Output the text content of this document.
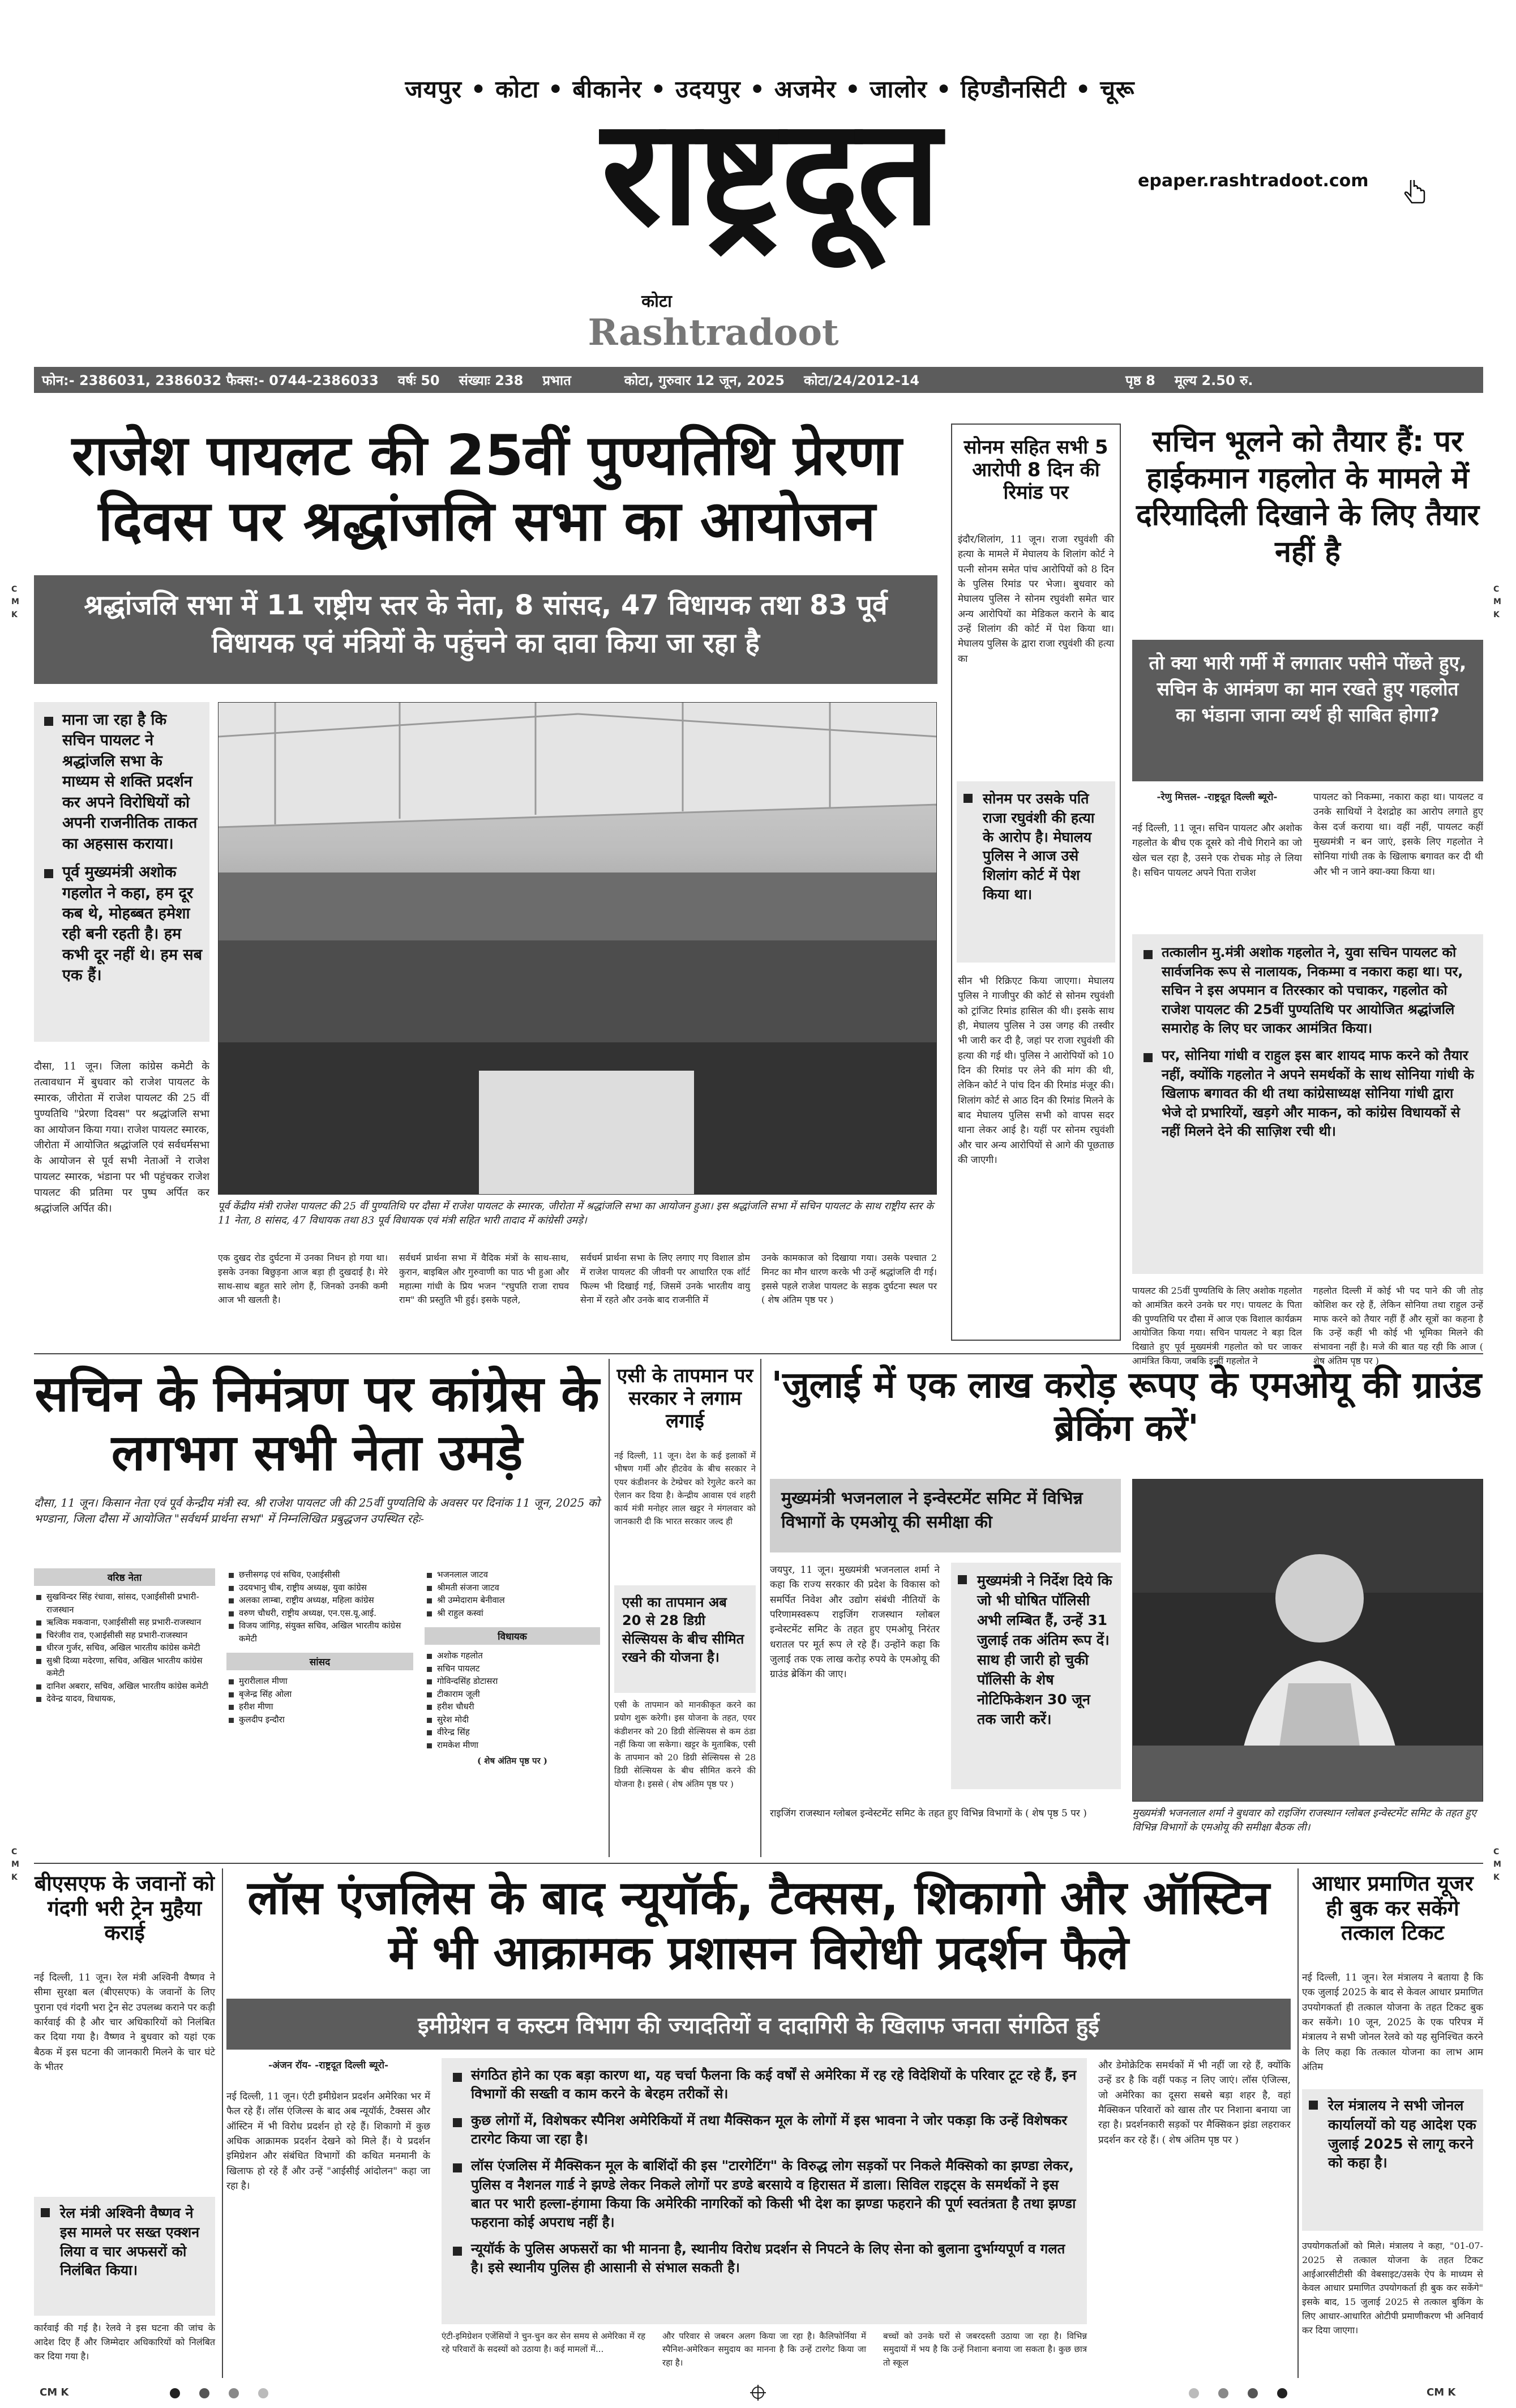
जयपुर • कोटा • बीकानेर • उदयपुर • अजमेर • जालोर • हिण्डौनसिटी • चूरू
राष्ट्रदूत
कोटा
Rashtradoot
epaper.rashtradoot.com
फोन:- 2386031, 2386032 फैक्स:- 0744-2386033 वर्षः 50 संख्याः 238 प्रभात	कोटा, गुरुवार 12 जून, 2025 कोटा/24/2012-14	पृष्ठ 8 मूल्य 2.50 रु.
C M K
C M K
C M K
C M K
राजेश पायलट की 25वीं पुण्यतिथि प्रेरणा दिवस पर श्रद्धांजलि सभा का आयोजन
श्रद्धांजलि सभा में 11 राष्ट्रीय स्तर के नेता, 8 सांसद, 47 विधायक तथा 83 पूर्व विधायक एवं मंत्रियों के पहुंचने का दावा किया जा रहा है
माना जा रहा है कि सचिन पायलट ने श्रद्धांजलि सभा के माध्यम से शक्ति प्रदर्शन कर अपने विरोधियों को अपनी राजनीतिक ताकत का अहसास कराया।
पूर्व मुख्यमंत्री अशोक गहलोत ने कहा, हम दूर कब थे, मोहब्बत हमेशा रही बनी रहती है। हम कभी दूर नहीं थे। हम सब एक हैं।
दौसा, 11 जून। जिला कांग्रेस कमेटी के तत्वावधान में बुधवार को राजेश पायलट के स्मारक, जीरोता में राजेश पायलट की 25 वीं पुण्यतिथि "प्रेरणा दिवस" पर श्रद्धांजलि सभा का आयोजन किया गया। राजेश पायलट स्मारक, जीरोता में आयोजित श्रद्धांजलि एवं सर्वधर्मसभा के आयोजन से पूर्व सभी नेताओं ने राजेश पायलट स्मारक, भंडाना पर भी पहुंचकर राजेश पायलट की प्रतिमा पर पुष्प अर्पित कर श्रद्धांजलि अर्पित की।	पूर्व केंद्रीय मंत्री राजेश पायलट की 25 वीं पुण्यतिथि पर दौसा में राजेश पायलट के स्मारक, जीरोता में श्रद्धांजलि सभा का आयोजन हुआ। इस श्रद्धांजलि सभा में सचिन पायलट के साथ राष्ट्रीय स्तर के 11 नेता, 8 सांसद, 47 विधायक तथा 83 पूर्व विधायक एवं मंत्री सहित भारी तादाद में कांग्रेसी उमड़े।
एक दुखद रोड दुर्घटना में उनका निधन हो गया था। इसके उनका बिछुड़ना आज बड़ा ही दुखदाई है। मेरे साथ-साथ बहुत सारे लोग हैं, जिनको उनकी कमी आज भी खलती है।
सर्वधर्म प्रार्थना सभा में वैदिक मंत्रों के साथ-साथ, कुरान, बाइबिल और गुरुवाणी का पाठ भी हुआ और महात्मा गांधी के प्रिय भजन "रघुपति राजा राघव राम" की प्रस्तुति भी हुई। इसके पहले,
सर्वधर्म प्रार्थना सभा के लिए लगाए गए विशाल डोम में राजेश पायलट की जीवनी पर आधारित एक शॉर्ट फिल्म भी दिखाई गई, जिसमें उनके भारतीय वायु सेना में रहते और उनके बाद राजनीति में
उनके कामकाज को दिखाया गया। उसके पश्चात 2 मिनट का मौन धारण करके भी उन्हें श्रद्धांजलि दी गई। इससे पहले राजेश पायलट के सड़क दुर्घटना स्थल पर ( शेष अंतिम पृष्ठ पर )
सोनम सहित सभी 5 आरोपी 8 दिन की रिमांड पर
इंदौर/शिलांग, 11 जून। राजा रघुवंशी की हत्या के मामले में मेघालय के शिलांग कोर्ट ने पत्नी सोनम समेत पांच आरोपियों को 8 दिन के पुलिस रिमांड पर भेजा। बुधवार को मेघालय पुलिस ने सोनम रघुवंशी समेत चार अन्य आरोपियों का मेडिकल कराने के बाद उन्हें शिलांग की कोर्ट में पेश किया था। मेघालय पुलिस के द्वारा राजा रघुवंशी की हत्या का
सोनम पर उसके पति राजा रघुवंशी की हत्या के आरोप है। मेघालय पुलिस ने आज उसे शिलांग कोर्ट में पेश किया था।
सीन भी रिक्रिएट किया जाएगा। मेघालय पुलिस ने गाजीपुर की कोर्ट से सोनम रघुवंशी को ट्रांजिट रिमांड हासिल की थी। इसके साथ ही, मेघालय पुलिस ने उस जगह की तस्वीर भी जारी कर दी है, जहां पर राजा रघुवंशी की हत्या की गई थी। पुलिस ने आरोपियों को 10 दिन की रिमांड पर लेने की मांग की थी, लेकिन कोर्ट ने पांच दिन की रिमांड मंजूर की। शिलांग कोर्ट से आठ दिन की रिमांड मिलने के बाद मेघालय पुलिस सभी को वापस सदर थाना लेकर आई है। यहीं पर सोनम रघुवंशी और चार अन्य आरोपियों से आगे की पूछताछ की जाएगी।
सचिन भूलने को तैयार हैं: पर हाईकमान गहलोत के मामले में दरियादिली दिखाने के लिए तैयार नहीं है
तो क्या भारी गर्मी में लगातार पसीने पोंछते हुए, सचिन के आमंत्रण का मान रखते हुए गहलोत का भंडाना जाना व्यर्थ ही साबित होगा?
-रेणु मित्तल- -राष्ट्रदूत दिल्ली ब्यूरो-
नई दिल्ली, 11 जून। सचिन पायलट और अशोक गहलोत के बीच एक दूसरे को नीचे गिराने का जो खेल चल रहा है, उसने एक रोचक मोड़ ले लिया है। सचिन पायलट अपने पिता राजेश
पायलट को निकम्मा, नकारा कहा था। पायलट व उनके साथियों ने देशद्रोह का आरोप लगाते हुए केस दर्ज कराया था। वहीं नहीं, पायलट कहीं मुख्यमंत्री न बन जाएं, इसके लिए गहलोत ने सोनिया गांधी तक के खिलाफ बगावत कर दी थी और भी न जाने क्या-क्या किया था।
तत्कालीन मु.मंत्री अशोक गहलोत ने, युवा सचिन पायलट को सार्वजनिक रूप से नालायक, निकम्मा व नकारा कहा था। पर, सचिन ने इस अपमान व तिरस्कार को पचाकर, गहलोत को राजेश पायलट की 25वीं पुण्यतिथि पर आयोजित श्रद्धांजलि समारोह के लिए घर जाकर आमंत्रित किया।
पर, सोनिया गांधी व राहुल इस बार शायद माफ करने को तैयार नहीं, क्योंकि गहलोत ने अपने समर्थकों के साथ सोनिया गांधी के खिलाफ बगावत की थी तथा कांग्रेसाध्यक्ष सोनिया गांधी द्वारा भेजे दो प्रभारियों, खड़गे और माकन, को कांग्रेस विधायकों से नहीं मिलने देने की साज़िश रची थी।
पायलट की 25वीं पुण्यतिथि के लिए अशोक गहलोत को आमंत्रित करने उनके घर गए। पायलट के पिता की पुण्यतिथि पर दौसा में आज एक विशाल कार्यक्रम आयोजित किया गया। सचिन पायलट ने बड़ा दिल दिखाते हुए पूर्व मुख्यमंत्री गहलोत को घर जाकर आमंत्रित किया, जबकि इन्हीं गहलोत ने
गहलोत दिल्ली में कोई भी पद पाने की जी तोड़ कोशिश कर रहे हैं, लेकिन सोनिया तथा राहुल उन्हें माफ करने को तैयार नहीं हैं और सूत्रों का कहना है कि उन्हें कहीं भी कोई भी भूमिका मिलने की संभावना नहीं है। मजे की बात यह रही कि आज ( शेष अंतिम पृष्ठ पर )
सचिन के निमंत्रण पर कांग्रेस के लगभग सभी नेता उमड़े
दौसा, 11 जून। किसान नेता एवं पूर्व केन्द्रीय मंत्री स्व. श्री राजेश पायलट जी की 25वीं पुण्यतिथि के अवसर पर दिनांक 11 जून, 2025 को भण्डाना, जिला दौसा में आयोजित "सर्वधर्म प्रार्थना सभा" में निम्नलिखित प्रबुद्धजन उपस्थित रहेः-
वरिष्ठ नेता
सुखविन्दर सिंह रंधावा, सांसद, एआईसीसी प्रभारी-राजस्थान
ऋत्विक मकवाना, एआईसीसी सह प्रभारी-राजस्थान
चिरंजीव राव, एआईसीसी सह प्रभारी-राजस्थान
धीरज गुर्जर, सचिव, अखिल भारतीय कांग्रेस कमेटी
सुश्री दिव्या मदेरणा, सचिव, अखिल भारतीय कांग्रेस कमेटी
दानिश अबरार, सचिव, अखिल भारतीय कांग्रेस कमेटी
देवेन्द्र यादव, विधायक,
छत्तीसगढ़ एवं सचिव, एआईसीसी
उदयभानु चीब, राष्ट्रीय अध्यक्ष, युवा कांग्रेस
अलका लाम्बा, राष्ट्रीय अध्यक्ष, महिला कांग्रेस
वरुण चौधरी, राष्ट्रीय अध्यक्ष, एन.एस.यू.आई.
विजय जांगिड़, संयुक्त सचिव, अखिल भारतीय कांग्रेस कमेटी
सांसद
मुरारीलाल मीणा
बृजेन्द्र सिंह ओला
हरीश मीणा
कुलदीप इन्दौरा
भजनलाल जाटव
श्रीमती संजना जाटव
श्री उम्मेदाराम बेनीवाल
श्री राहुल कस्वां
विधायक
अशोक गहलोत
सचिन पायलट
गोविन्दसिंह डोटासरा
टीकाराम जूली
हरीश चौधरी
सुरेश मोदी
वीरेन्द्र सिंह
रामकेश मीणा
( शेष अंतिम पृष्ठ पर )
एसी के तापमान पर सरकार ने लगाम लगाई
नई दिल्ली, 11 जून। देश के कई इलाकों में भीषण गर्मी और हीटवेव के बीच सरकार ने एयर कंडीशनर के टेम्प्रेचर को रेगुलेट करने का ऐलान कर दिया है। केन्द्रीय आवास एवं शहरी कार्य मंत्री मनोहर लाल खट्टर ने मंगलवार को जानकारी दी कि भारत सरकार जल्द ही
एसी का तापमान अब 20 से 28 डिग्री सेल्सियस के बीच सीमित रखने की योजना है।
एसी के तापमान को मानकीकृत करने का प्रयोग शुरू करेगी। इस योजना के तहत, एयर कंडीशनर को 20 डिग्री सेल्सियस से कम ठंडा नहीं किया जा सकेगा। खट्टर के मुताबिक, एसी के तापमान को 20 डिग्री सेल्सियस से 28 डिग्री सेल्सियस के बीच सीमित करने की योजना है। इससे ( शेष अंतिम पृष्ठ पर )
'जुलाई में एक लाख करोड़ रूपए के एमओयू की ग्राउंड ब्रेकिंग करें'
मुख्यमंत्री भजनलाल ने इन्वेस्टमेंट समिट में विभिन्न विभागों के एमओयू की समीक्षा की
जयपुर, 11 जून। मुख्यमंत्री भजनलाल शर्मा ने कहा कि राज्य सरकार की प्रदेश के विकास को समर्पित निवेश और उद्योग संबंधी नीतियों के परिणामस्वरूप राइजिंग राजस्थान ग्लोबल इन्वेस्टमेंट समिट के तहत हुए एमओयू निरंतर धरातल पर मूर्त रूप ले रहे हैं। उन्होंने कहा कि जुलाई तक एक लाख करोड़ रुपये के एमओयू की ग्राउंड ब्रेकिंग की जाए।
मुख्यमंत्री ने निर्देश दिये कि जो भी घोषित पॉलिसी अभी लम्बित हैं, उन्हें 31 जुलाई तक अंतिम रूप दें। साथ ही जारी हो चुकी पॉलिसी के शेष नोटिफिकेशन 30 जून तक जारी करें।
राइजिंग राजस्थान ग्लोबल इन्वेस्टमेंट समिट के तहत हुए विभिन्न विभागों के ( शेष पृष्ठ 5 पर )	मुख्यमंत्री भजनलाल शर्मा ने बुधवार को राइजिंग राजस्थान ग्लोबल इन्वेस्टमेंट समिट के तहत हुए विभिन्न विभागों के एमओयू की समीक्षा बैठक ली।
बीएसएफ के जवानों को गंदगी भरी ट्रेन मुहैया कराई
नई दिल्ली, 11 जून। रेल मंत्री अश्विनी वैष्णव ने सीमा सुरक्षा बल (बीएसएफ) के जवानों के लिए पुराना एवं गंदगी भरा ट्रेन सेट उपलब्ध कराने पर कड़ी कार्रवाई की है और चार अधिकारियों को निलंबित कर दिया गया है। वैष्णव ने बुधवार को यहां एक बैठक में इस घटना की जानकारी मिलने के चार घंटे के भीतर
रेल मंत्री अश्विनी वैष्णव ने इस मामले पर सख्त एक्शन लिया व चार अफसरों को निलंबित किया।
कार्रवाई की गई है। रेलवे ने इस घटना की जांच के आदेश दिए हैं और जिम्मेदार अधिकारियों को निलंबित कर दिया गया है।
लॉस एंजलिस के बाद न्यूयॉर्क, टैक्सस, शिकागो और ऑस्टिन में भी आक्रामक प्रशासन विरोधी प्रदर्शन फैले
इमीग्रेशन व कस्टम विभाग की ज्यादतियों व दादागिरी के खिलाफ जनता संगठित हुई
-अंजन रॉय- -राष्ट्रदूत दिल्ली ब्यूरो-
नई दिल्ली, 11 जून। एंटी इमीग्रेशन प्रदर्शन अमेरिका भर में फैल रहे हैं। लॉस एंजिल्स के बाद अब न्यूयॉर्क, टैक्सस और ऑस्टिन में भी विरोध प्रदर्शन हो रहे हैं। शिकागो में कुछ अधिक आक्रामक प्रदर्शन देखने को मिले हैं। ये प्रदर्शन इमिग्रेशन और संबंधित विभागों की कथित मनमानी के खिलाफ हो रहे हैं और उन्हें "आईसीई आंदोलन" कहा जा रहा है।
संगठित होने का एक बड़ा कारण था, यह चर्चा फैलना कि कई वर्षों से अमेरिका में रह रहे विदेशियों के परिवार टूट रहे हैं, इन विभागों की सख्ती व काम करने के बेरहम तरीकों से।
कुछ लोगों में, विशेषकर स्पैनिश अमेरिकियों में तथा मैक्सिकन मूल के लोगों में इस भावना ने जोर पकड़ा कि उन्हें विशेषकर टारगेट किया जा रहा है।
लॉस एंजलिस में मैक्सिकन मूल के बाशिंदों की इस "टारगेटिंग" के विरुद्ध लोग सड़कों पर निकले मैक्सिको का झण्डा लेकर, पुलिस व नैशनल गार्ड ने झण्डे लेकर निकले लोगों पर डण्डे बरसाये व हिरासत में डाला। सिविल राइट्स के समर्थकों ने इस बात पर भारी हल्ला-हंगामा किया कि अमेरिकी नागरिकों को किसी भी देश का झण्डा फहराने की पूर्ण स्वतंत्रता है तथा झण्डा फहराना कोई अपराध नहीं है।
न्यूयॉर्क के पुलिस अफसरों का भी मानना है, स्थानीय विरोध प्रदर्शन से निपटने के लिए सेना को बुलाना दुर्भाग्यपूर्ण व गलत है। इसे स्थानीय पुलिस ही आसानी से संभाल सकती है।
एंटी-इमिग्रेशन एजेंसियों ने चुन-चुन कर सेन समय से अमेरिका में रह रहे परिवारों के सदस्यों को उठाया है। कई मामलों में...
और परिवार से जबरन अलग किया जा रहा है। कैलिफोर्निया में स्पैनिश-अमेरिकन समुदाय का मानना है कि उन्हें टारगेट किया जा रहा है।
बच्चों को उनके घरों से जबरदस्ती उठाया जा रहा है। विभिन्न समुदायों में भय है कि उन्हें निशाना बनाया जा सकता है। कुछ छात्र तो स्कूल
और डेमोक्रेटिक समर्थकों में भी नहीं जा रहे हैं, क्योंकि उन्हें डर है कि वहीं पकड़ न लिए जाएं। लॉस एंजिल्स, जो अमेरिका का दूसरा सबसे बड़ा शहर है, वहां मैक्सिकन परिवारों को खास तौर पर निशाना बनाया जा रहा है। प्रदर्शनकारी सड़कों पर मैक्सिकन झंडा लहराकर प्रदर्शन कर रहे हैं। ( शेष अंतिम पृष्ठ पर )
आधार प्रमाणित यूजर ही बुक कर सकेंगे तत्काल टिकट
नई दिल्ली, 11 जून। रेल मंत्रालय ने बताया है कि एक जुलाई 2025 के बाद से केवल आधार प्रमाणित उपयोगकर्ता ही तत्काल योजना के तहत टिकट बुक कर सकेंगे। 10 जून, 2025 के एक परिपत्र में मंत्रालय ने सभी जोनल रेलवे को यह सुनिश्चित करने के लिए कहा कि तत्काल योजना का लाभ आम अंतिम
रेल मंत्रालय ने सभी जोनल कार्यालयों को यह आदेश एक जुलाई 2025 से लागू करने को कहा है।
उपयोगकर्ताओं को मिले। मंत्रालय ने कहा, "01-07-2025 से तत्काल योजना के तहत टिकट आईआरसीटीसी की वेबसाइट/उसके ऐप के माध्यम से केवल आधार प्रमाणित उपयोगकर्ता ही बुक कर सकेंगे" इसके बाद, 15 जुलाई 2025 से तत्काल बुकिंग के लिए आधार-आधारित ओटीपी प्रमाणीकरण भी अनिवार्य कर दिया जाएगा।
CM K	CM K
